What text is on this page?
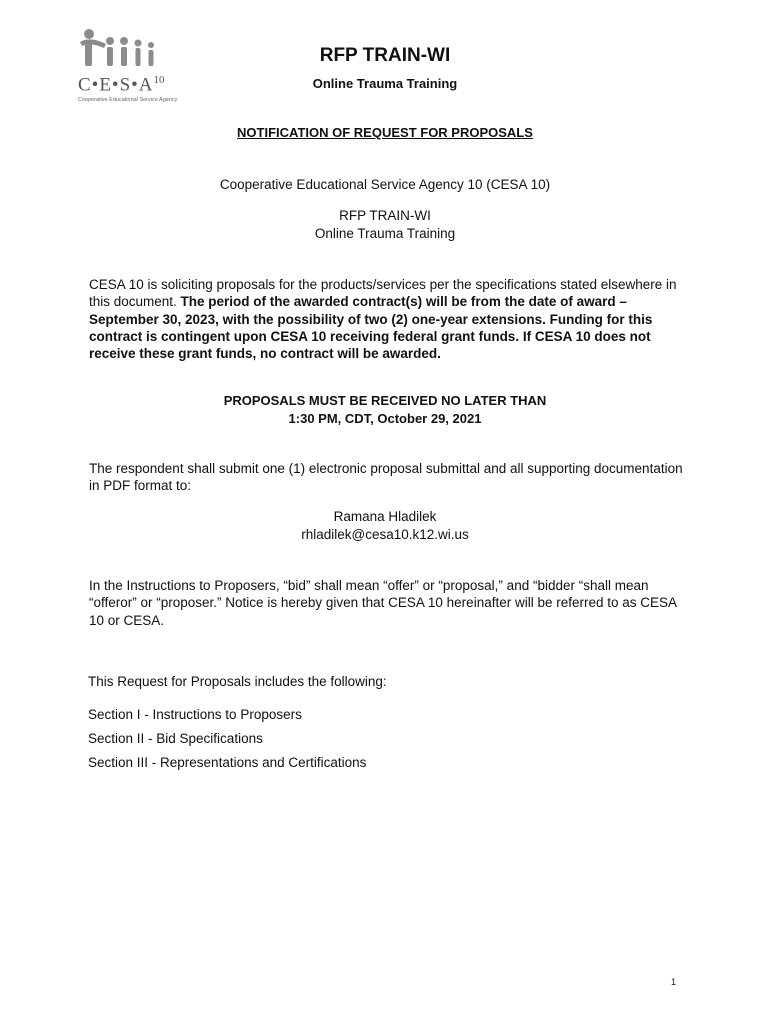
$C•E•S•A^{10}$
Cooperative Educational Service Agency
RFP TRAIN-WI
Online Trauma Training
NOTIFICATION OF REQUEST FOR PROPOSALS
Cooperative Educational Service Agency 10 (CESA 10)
RFP TRAIN-WI
Online Trauma Training
CESA 10 is soliciting proposals for the products/services per the specifications stated elsewhere in this document. The period of the awarded contract(s) will be from the date of award – September 30, 2023, with the possibility of two (2) one-year extensions. Funding for this contract is contingent upon CESA 10 receiving federal grant funds. If CESA 10 does not receive these grant funds, no contract will be awarded.
PROPOSALS MUST BE RECEIVED NO LATER THAN
1:30 PM, CDT, October 29, 2021
The respondent shall submit one (1) electronic proposal submittal and all supporting documentation in PDF format to:
Ramana Hladilek
rhladilek@cesa10.k12.wi.us
In the Instructions to Proposers, “bid” shall mean “offer” or “proposal,” and “bidder “shall mean “offeror” or “proposer.” Notice is hereby given that CESA 10 hereinafter will be referred to as CESA 10 or CESA.
This Request for Proposals includes the following:
Section I - Instructions to Proposers
Section II - Bid Specifications
Section III - Representations and Certifications
1
